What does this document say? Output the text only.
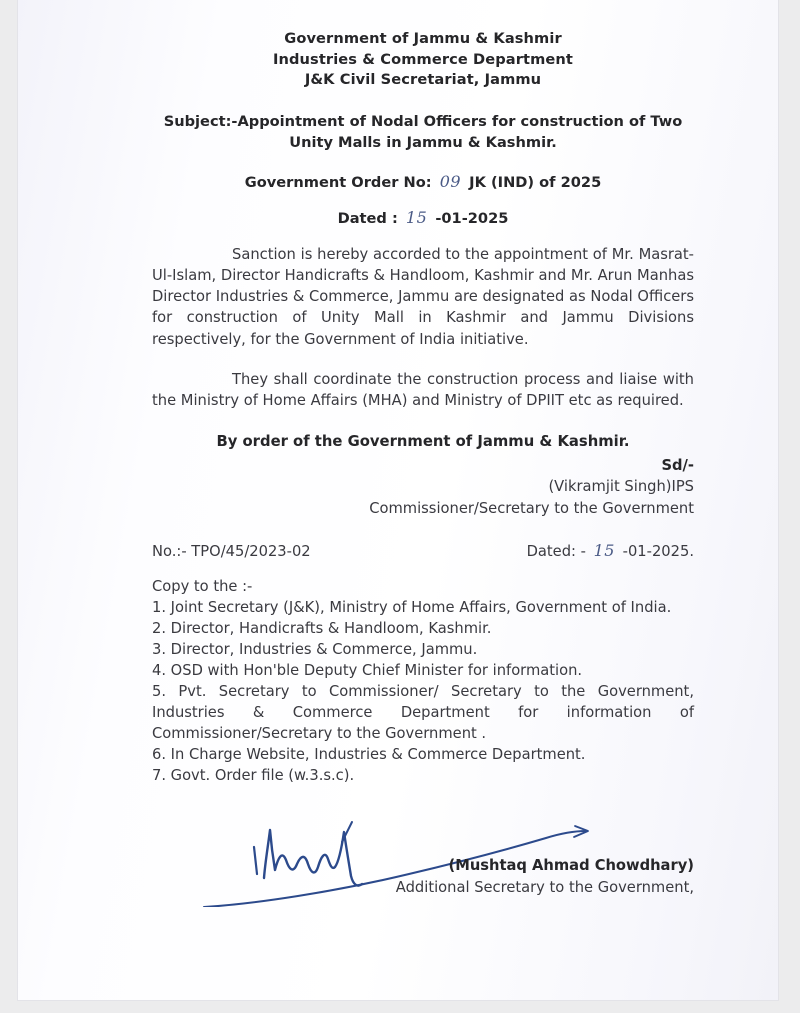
Government of Jammu & Kashmir
Industries & Commerce Department
J&K Civil Secretariat, Jammu
Subject:-Appointment of Nodal Officers for construction of Two
Unity Malls in Jammu & Kashmir.
Government Order No: 09 JK (IND) of 2025
Dated : 15 -01-2025

Sanction is hereby accorded to the appointment of Mr. Masrat-Ul-Islam, Director Handicrafts & Handloom, Kashmir and Mr. Arun Manhas Director Industries & Commerce, Jammu are designated as Nodal Officers for construction of Unity Mall in Kashmir and Jammu Divisions respectively, for the Government of India initiative.

They shall coordinate the construction process and liaise with the Ministry of Home Affairs (MHA) and Ministry of DPIIT etc as required.

By order of the Government of Jammu & Kashmir.
Sd/-
(Vikramjit Singh)IPS
Commissioner/Secretary to the Government
No.:- TPO/45/2023-02	Dated: - 15 -01-2025.
Copy to the :-
1. Joint Secretary (J&K), Ministry of Home Affairs, Government of India.
2. Director, Handicrafts & Handloom, Kashmir.
3. Director, Industries & Commerce, Jammu.
4. OSD with Hon'ble Deputy Chief Minister for information.
5. Pvt. Secretary to Commissioner/ Secretary to the Government, Industries & Commerce Department for information of Commissioner/Secretary to the Government .
6. In Charge Website, Industries & Commerce Department.
7. Govt. Order file (w.3.s.c).
(Mushtaq Ahmad Chowdhary)
Additional Secretary to the Government,
